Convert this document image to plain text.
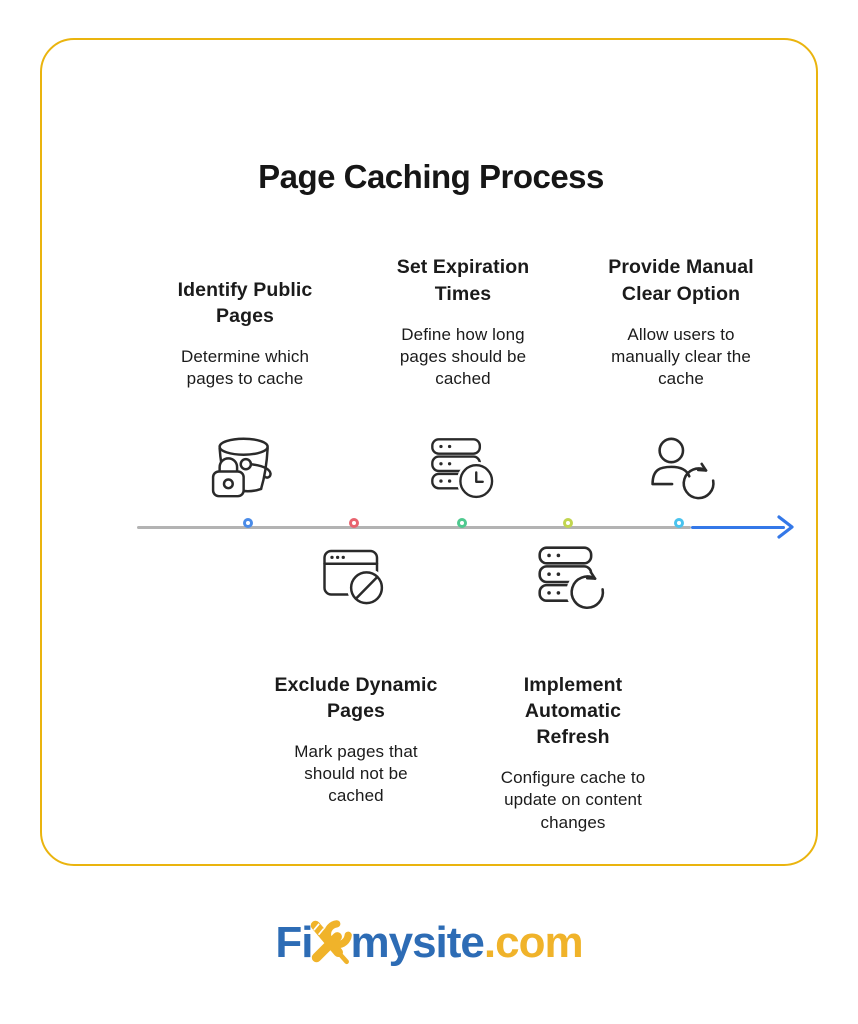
Page Caching Process
Identify Public Pages
Determine which pages to cache
Set Expiration Times
Define how long pages should be cached
Provide Manual Clear Option
Allow users to manually clear the cache
Exclude Dynamic Pages
Mark pages that should not be cached
Implement Automatic Refresh
Configure cache to update on content changes
Fi mysite .com
